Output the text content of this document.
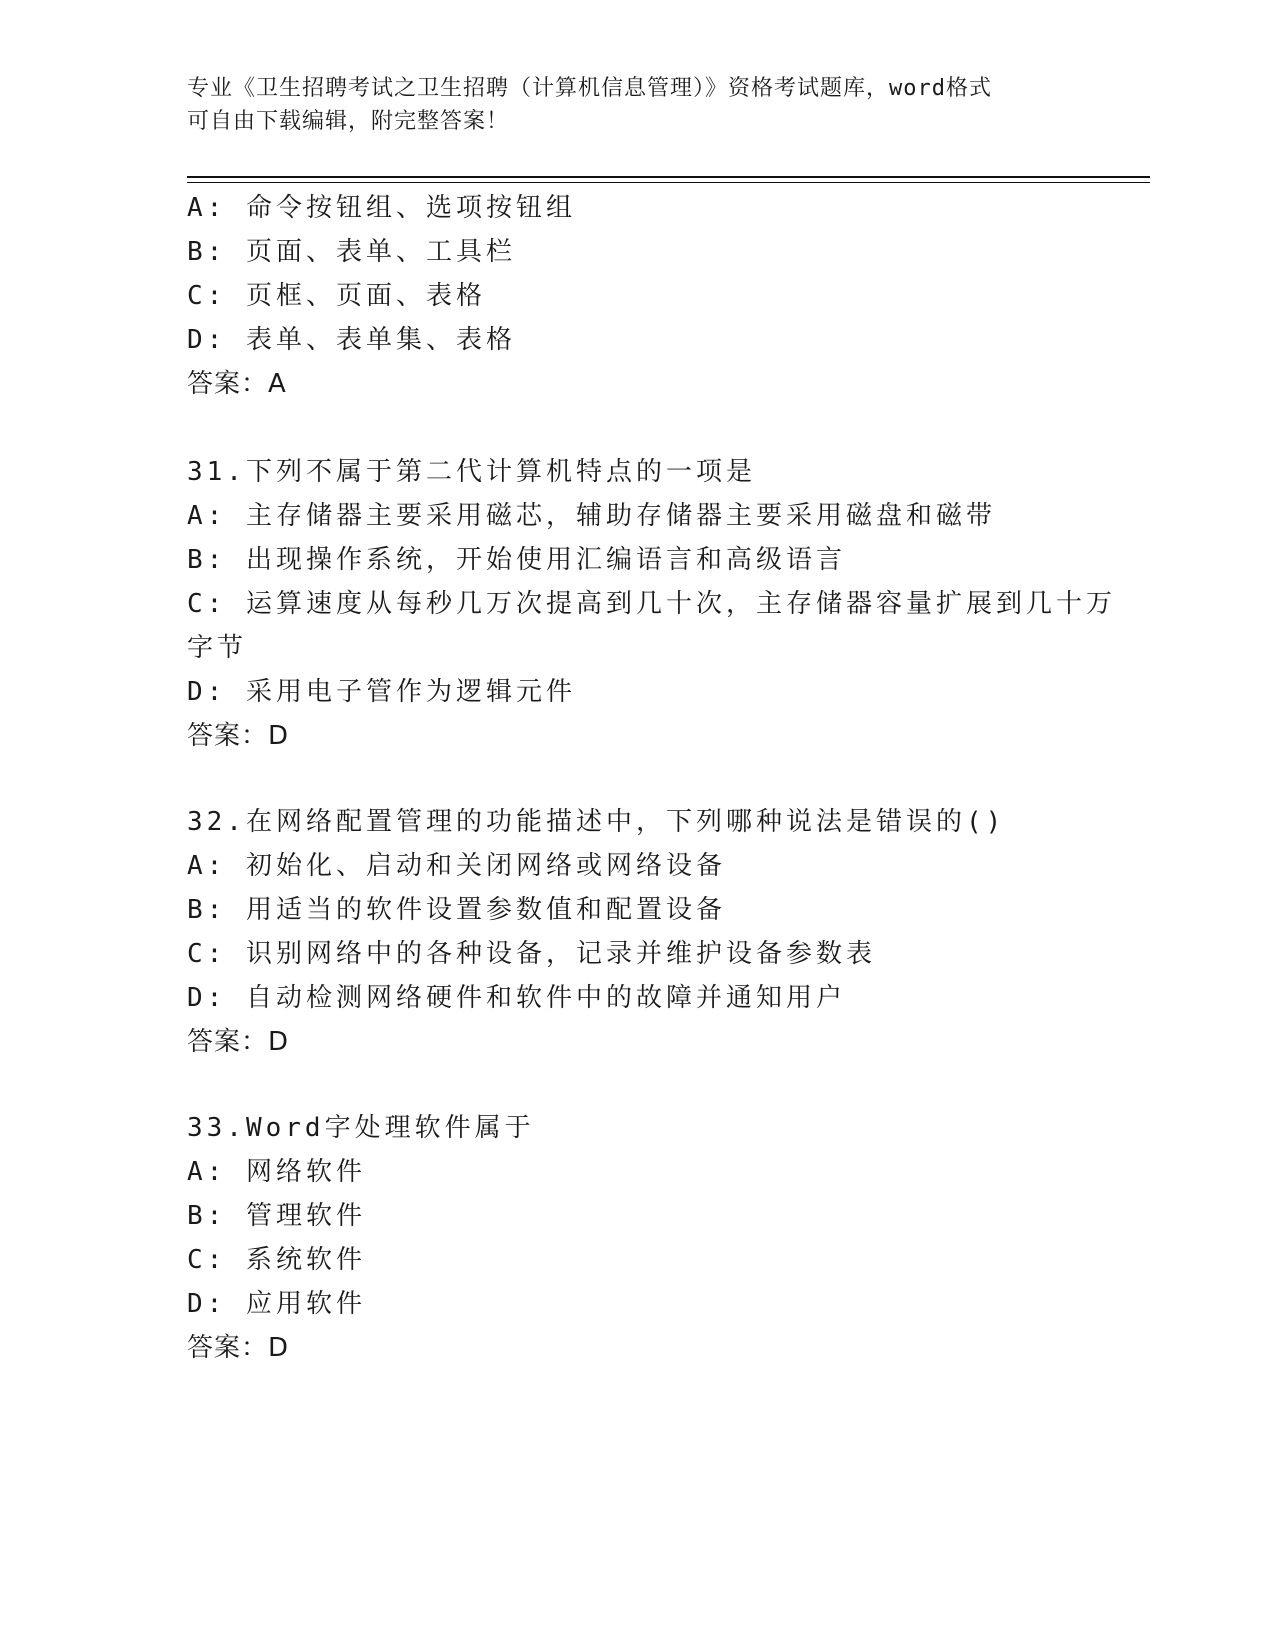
专业《卫生招聘考试之卫生招聘（计算机信息管理）》资格考试题库，word格式
可自由下载编辑，附完整答案！
A: 命令按钮组、选项按钮组
B: 页面、表单、工具栏
C: 页框、页面、表格
D: 表单、表单集、表格
答案：A
31.下列不属于第二代计算机特点的一项是
A: 主存储器主要采用磁芯，辅助存储器主要采用磁盘和磁带
B: 出现操作系统，开始使用汇编语言和高级语言
C: 运算速度从每秒几万次提高到几十次，主存储器容量扩展到几十万
字节
D: 采用电子管作为逻辑元件
答案：D
32.在网络配置管理的功能描述中，下列哪种说法是错误的()
A: 初始化、启动和关闭网络或网络设备
B: 用适当的软件设置参数值和配置设备
C: 识别网络中的各种设备，记录并维护设备参数表
D: 自动检测网络硬件和软件中的故障并通知用户
答案：D
33.Word字处理软件属于
A: 网络软件
B: 管理软件
C: 系统软件
D: 应用软件
答案：D
